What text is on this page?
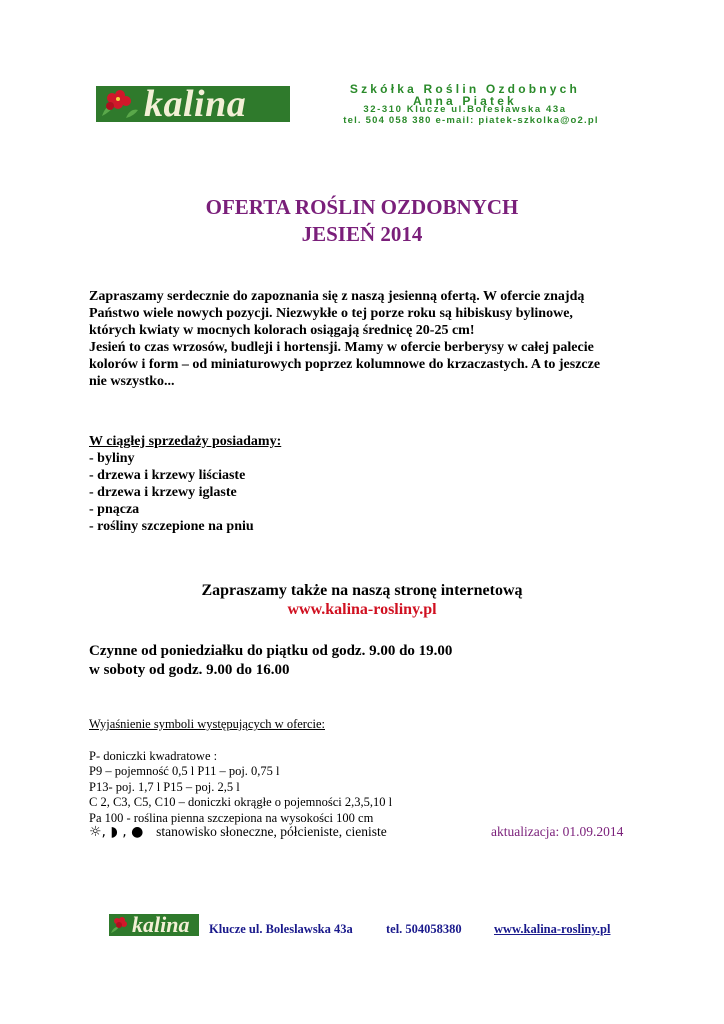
kalina	Szkółka Roślin Ozdobnych
Anna Piątek
32-310 Klucze ul.Bolesławska 43a
tel. 504 058 380 e-mail: piatek-szkolka@o2.pl
OFERTA ROŚLIN OZDOBNYCH
JESIEŃ 2014
Zapraszamy serdecznie do zapoznania się z naszą jesienną ofertą. W ofercie znajdą
Państwo wiele nowych pozycji. Niezwykłe o tej porze roku są hibiskusy bylinowe,
których kwiaty w mocnych kolorach osiągają średnicę 20-25 cm!
Jesień to czas wrzosów, budleji i hortensji. Mamy w ofercie berberysy w całej palecie
kolorów i form – od miniaturowych poprzez kolumnowe do krzaczastych. A to jeszcze
nie wszystko...
W ciągłej sprzedaży posiadamy:
- byliny
- drzewa i krzewy liściaste
- drzewa i krzewy iglaste
- pnącza
- rośliny szczepione na pniu
Zapraszamy także na naszą stronę internetową
www.kalina-rosliny.pl
Czynne od poniedziałku do piątku od godz. 9.00 do 19.00
w soboty od godz. 9.00 do 16.00
Wyjaśnienie symboli występujących w ofercie:
P- doniczki kwadratowe :
P9 – pojemność 0,5 l P11 – poj. 0,75 l
P13- poj. 1,7 l P15 – poj. 2,5 l
C 2, C3, C5, C10 – doniczki okrągłe o pojemności 2,3,5,10 l
Pa 100 - roślina pienna szczepiona na wysokości 100 cm
☼, ◗ , ● stanowisko słoneczne, półcieniste, cieniste	aktualizacja: 01.09.2014
kalina Klucze ul. Boleslawska 43a	tel. 504058380	www.kalina-rosliny.pl
